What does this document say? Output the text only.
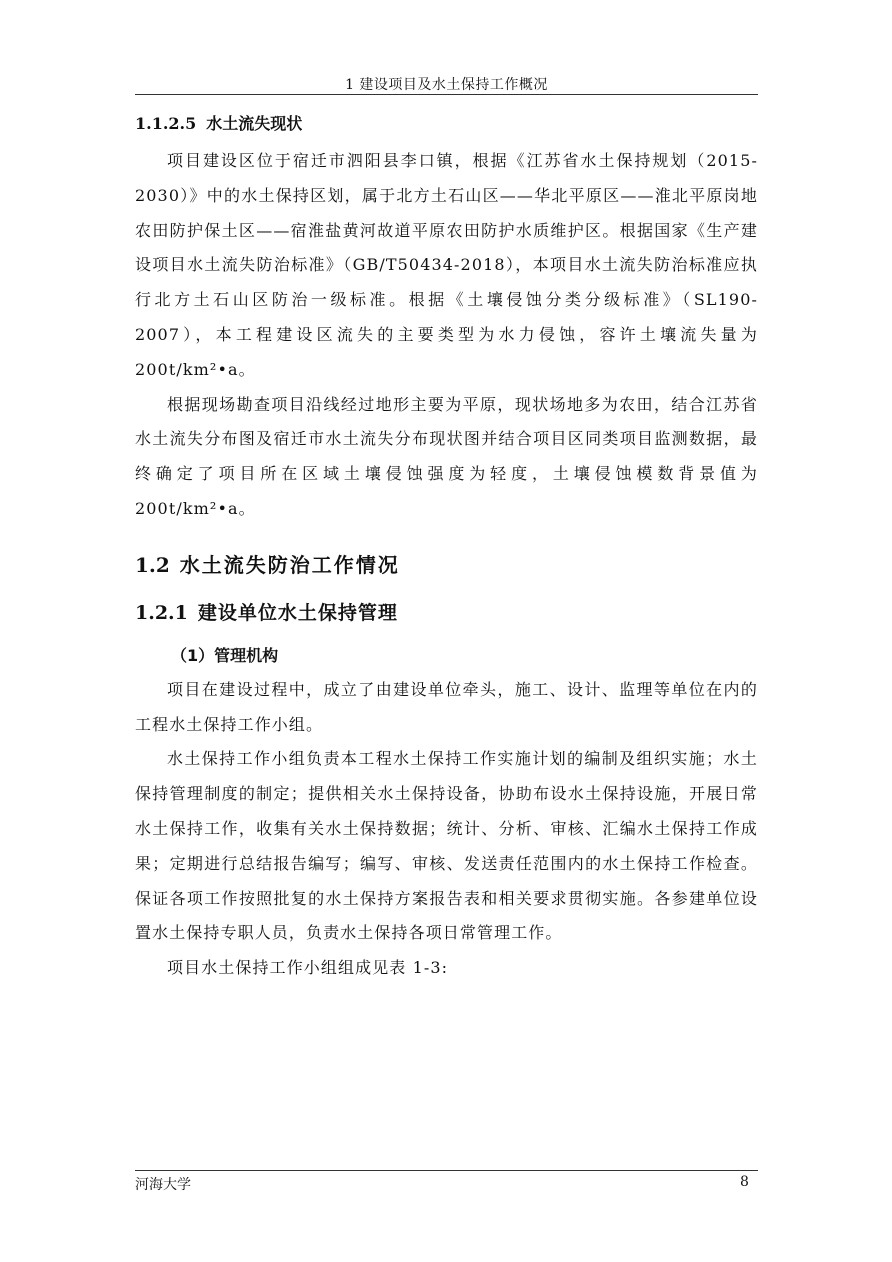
1 建设项目及水土保持工作概况
1.1.2.5 水土流失现状

项目建设区位于宿迁市泗阳县李口镇，根据《江苏省水土保持规划（2015-2030）》中的水土保持区划，属于北方土石山区——华北平原区——淮北平原岗地农田防护保土区——宿淮盐黄河故道平原农田防护水质维护区。根据国家《生产建设项目水土流失防治标准》（GB/T50434-2018），本项目水土流失防治标准应执行北方土石山区防治一级标准。根据《土壤侵蚀分类分级标准》（SL190-2007），本工程建设区流失的主要类型为水力侵蚀，容许土壤流失量为200t/km²•a。

根据现场勘查项目沿线经过地形主要为平原，现状场地多为农田，结合江苏省水土流失分布图及宿迁市水土流失分布现状图并结合项目区同类项目监测数据，最终确定了项目所在区域土壤侵蚀强度为轻度，土壤侵蚀模数背景值为200t/km²•a。

1.2 水土流失防治工作情况
1.2.1 建设单位水土保持管理
（1）管理机构

项目在建设过程中，成立了由建设单位牵头，施工、设计、监理等单位在内的工程水土保持工作小组。

水土保持工作小组负责本工程水土保持工作实施计划的编制及组织实施；水土保持管理制度的制定；提供相关水土保持设备，协助布设水土保持设施，开展日常水土保持工作，收集有关水土保持数据；统计、分析、审核、汇编水土保持工作成果；定期进行总结报告编写；编写、审核、发送责任范围内的水土保持工作检查。保证各项工作按照批复的水土保持方案报告表和相关要求贯彻实施。各参建单位设置水土保持专职人员，负责水土保持各项日常管理工作。

项目水土保持工作小组组成见表 1-3:

河海大学	8
